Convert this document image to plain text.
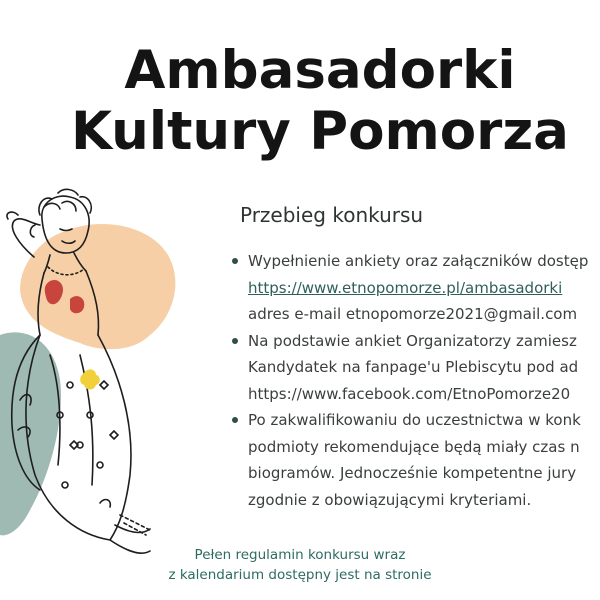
Ambasadorki
Kultury Pomorza
Przebieg konkursu
Wypełnienie ankiety oraz załączników dostęp
https://www.etnopomorze.pl/ambasadorki
adres e-mail etnopomorze2021@gmail.com
Na podstawie ankiet Organizatorzy zamiesz
Kandydatek na fanpage'u Plebiscytu pod ad
https://www.facebook.com/EtnoPomorze20
Po zakwalifikowaniu do uczestnictwa w konk
podmioty rekomendujące będą miały czas n
biogramów. Jednocześnie kompetentne jury
zgodnie z obowiązującymi kryteriami.
Pełen regulamin konkursu wraz
z kalendarium dostępny jest na stronie
